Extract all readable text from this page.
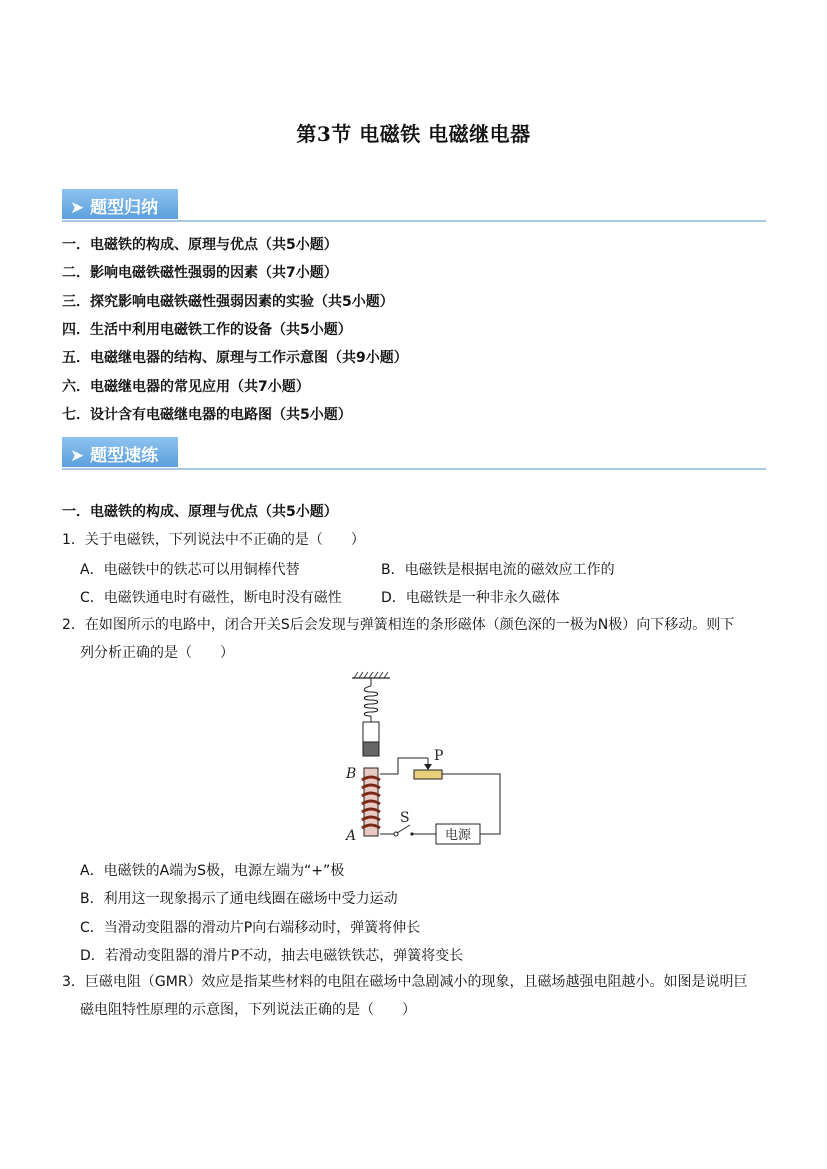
第3节 电磁铁 电磁继电器
➤ 题型归纳
一．电磁铁的构成、原理与优点（共5小题）
二．影响电磁铁磁性强弱的因素（共7小题）
三．探究影响电磁铁磁性强弱因素的实验（共5小题）
四．生活中利用电磁铁工作的设备（共5小题）
五．电磁继电器的结构、原理与工作示意图（共9小题）
六．电磁继电器的常见应用（共7小题）
七．设计含有电磁继电器的电路图（共5小题）
➤ 题型速练
一．电磁铁的构成、原理与优点（共5小题）
1．关于电磁铁，下列说法中不正确的是（　　）
A．电磁铁中的铁芯可以用铜棒代替	B．电磁铁是根据电流的磁效应工作的
C．电磁铁通电时有磁性，断电时没有磁性	D．电磁铁是一种非永久磁体
2．在如图所示的电路中，闭合开关S后会发现与弹簧相连的条形磁体（颜色深的一极为N极）向下移动。则下
列分析正确的是（　　）
B
A
P
电源
S
A．电磁铁的A端为S极，电源左端为“+”极
B．利用这一现象揭示了通电线圈在磁场中受力运动
C．当滑动变阻器的滑动片P向右端移动时，弹簧将伸长
D．若滑动变阻器的滑片P不动，抽去电磁铁铁芯，弹簧将变长
3．巨磁电阻（GMR）效应是指某些材料的电阻在磁场中急剧减小的现象，且磁场越强电阻越小。如图是说明巨
磁电阻特性原理的示意图，下列说法正确的是（　　）
